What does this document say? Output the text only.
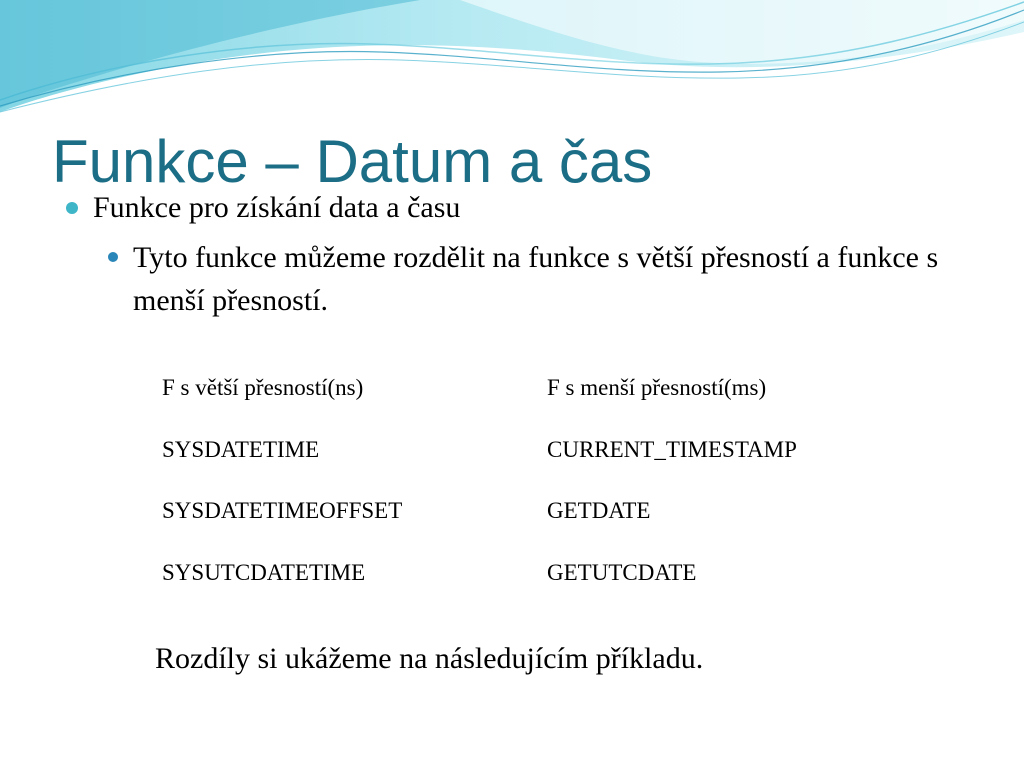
Funkce – Datum a čas
Funkce pro získání data a času
Tyto funkce můžeme rozdělit na funkce s větší přesností a funkce s menší přesností.
F s větší přesností(ns)	F s menší přesností(ms)
SYSDATETIME	CURRENT_TIMESTAMP
SYSDATETIMEOFFSET	GETDATE
SYSUTCDATETIME	GETUTCDATE
Rozdíly si ukážeme na následujícím příkladu.
